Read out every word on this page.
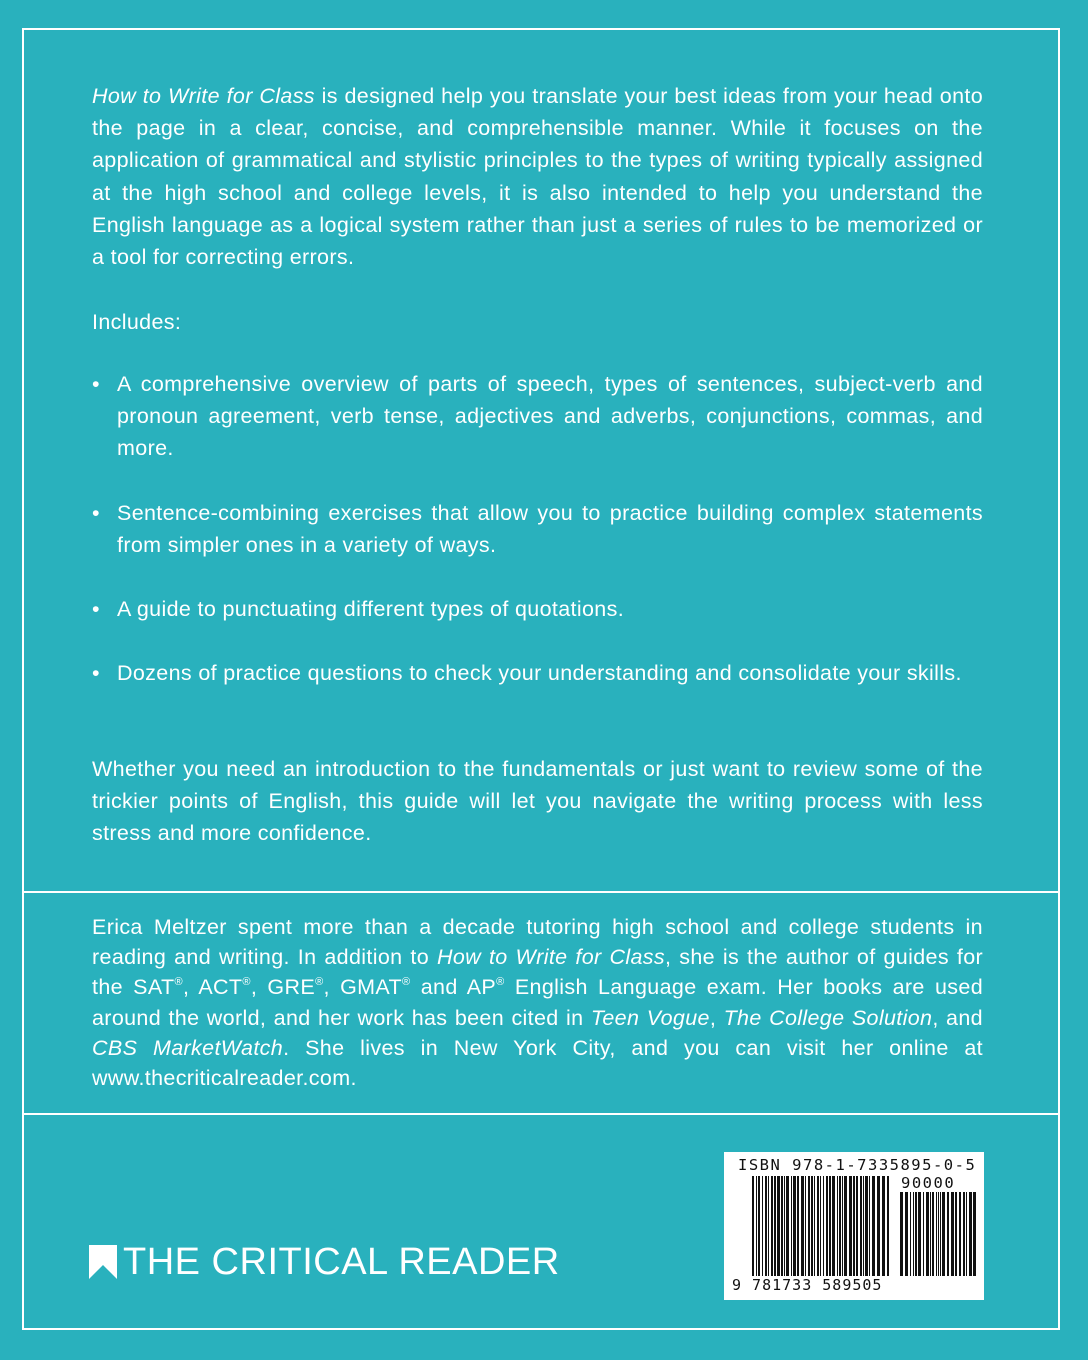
How to Write for Class is designed help you translate your best ideas from your head onto the page in a clear, concise, and comprehensible manner. While it focuses on the application of grammatical and stylistic principles to the types of writing typically assigned at the high school and college levels, it is also intended to help you understand the English language as a logical system rather than just a series of rules to be memorized or a tool for correcting errors.

Includes:

• A comprehensive overview of parts of speech, types of sentences, subject-verb and pronoun agreement, verb tense, adjectives and adverbs, conjunctions, commas, and more.
• Sentence-combining exercises that allow you to practice building complex statements from simpler ones in a variety of ways.
• A guide to punctuating different types of quotations.
• Dozens of practice questions to check your understanding and consolidate your skills.

Whether you need an introduction to the fundamentals or just want to review some of the trickier points of English, this guide will let you navigate the writing process with less stress and more confidence.

Erica Meltzer spent more than a decade tutoring high school and college students in reading and writing. In addition to How to Write for Class, she is the author of guides for the SAT®, ACT®, GRE®, GMAT® and AP® English Language exam. Her books are used around the world, and her work has been cited in Teen Vogue, The College Solution, and CBS MarketWatch. She lives in New York City, and you can visit her online at www.thecriticalreader.com.

THE CRITICAL READER
ISBN 978-1-7335895-0-5
90000
9 781733 589505
